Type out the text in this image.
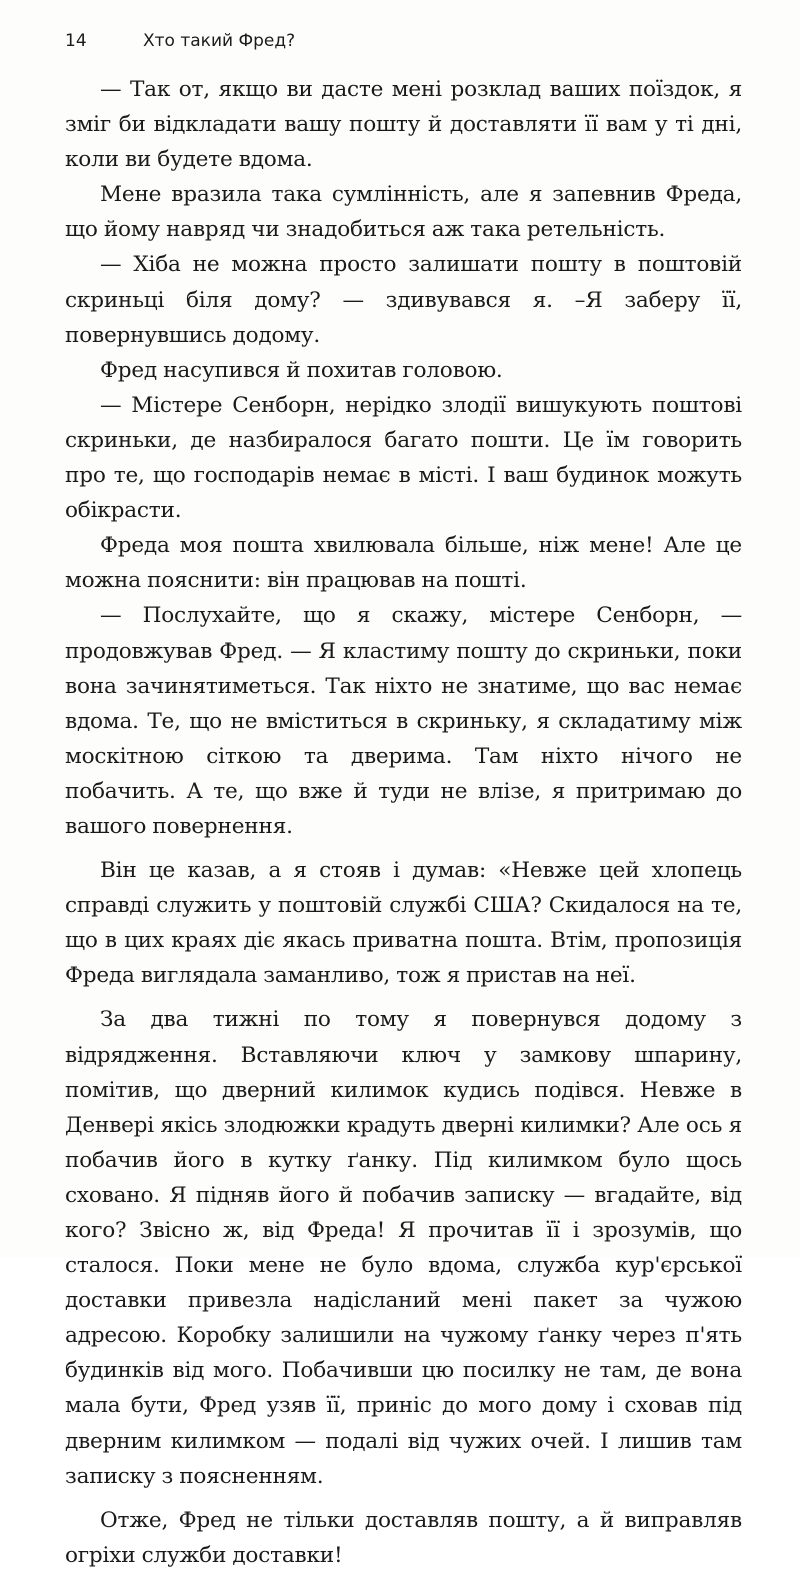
14	Хто такий Фред?

— Так от, якщо ви дасте мені розклад ваших поїздок, я зміг би відкладати вашу пошту й доставляти її вам у ті дні, коли ви будете вдома.

Мене вразила така сумлінність, але я запевнив Фреда, що йому навряд чи знадобиться аж така ретельність.

— Хіба не можна просто залишати пошту в поштовій скриньці біля дому? — здивувався я. –Я заберу її, повернувшись додому.

Фред насупився й похитав головою.

— Містере Сенборн, нерідко злодії вишукують поштові скриньки, де назбиралося багато пошти. Це їм говорить про те, що господарів немає в місті. І ваш будинок можуть обікрасти.

Фреда моя пошта хвилювала більше, ніж мене! Але це можна пояснити: він працював на пошті.

— Послухайте, що я скажу, містере Сенборн, — продовжував Фред. — Я кластиму пошту до скриньки, поки вона зачинятиметься. Так ніхто не знатиме, що вас немає вдома. Те, що не вміститься в скриньку, я складатиму між москітною сіткою та дверима. Там ніхто нічого не побачить. А те, що вже й туди не влізе, я притримаю до вашого повернення.

Він це казав, а я стояв і думав: «Невже цей хлопець справді служить у поштовій службі США? Скидалося на те, що в цих краях діє якась приватна пошта. Втім, пропозиція Фреда виглядала заманливо, тож я пристав на неї.

За два тижні по тому я повернувся додому з відрядження. Вставляючи ключ у замкову шпарину, помітив, що дверний килимок кудись подівся. Невже в Денвері якісь злодюжки крадуть дверні килимки? Але ось я побачив його в кутку ґанку. Під килимком було щось сховано. Я підняв його й побачив записку — вгадайте, від кого? Звісно ж, від Фреда! Я прочитав її і зрозумів, що сталося. Поки мене не було вдома, служба кур'єрської доставки привезла надісланий мені пакет за чужою адресою. Коробку залишили на чужому ґанку через п'ять будинків від мого. Побачивши цю посилку не там, де вона мала бути, Фред узяв її, приніс до мого дому і сховав під дверним килимком — подалі від чужих очей. І лишив там записку з поясненням.

Отже, Фред не тільки доставляв пошту, а й виправляв огріхи служби доставки!
